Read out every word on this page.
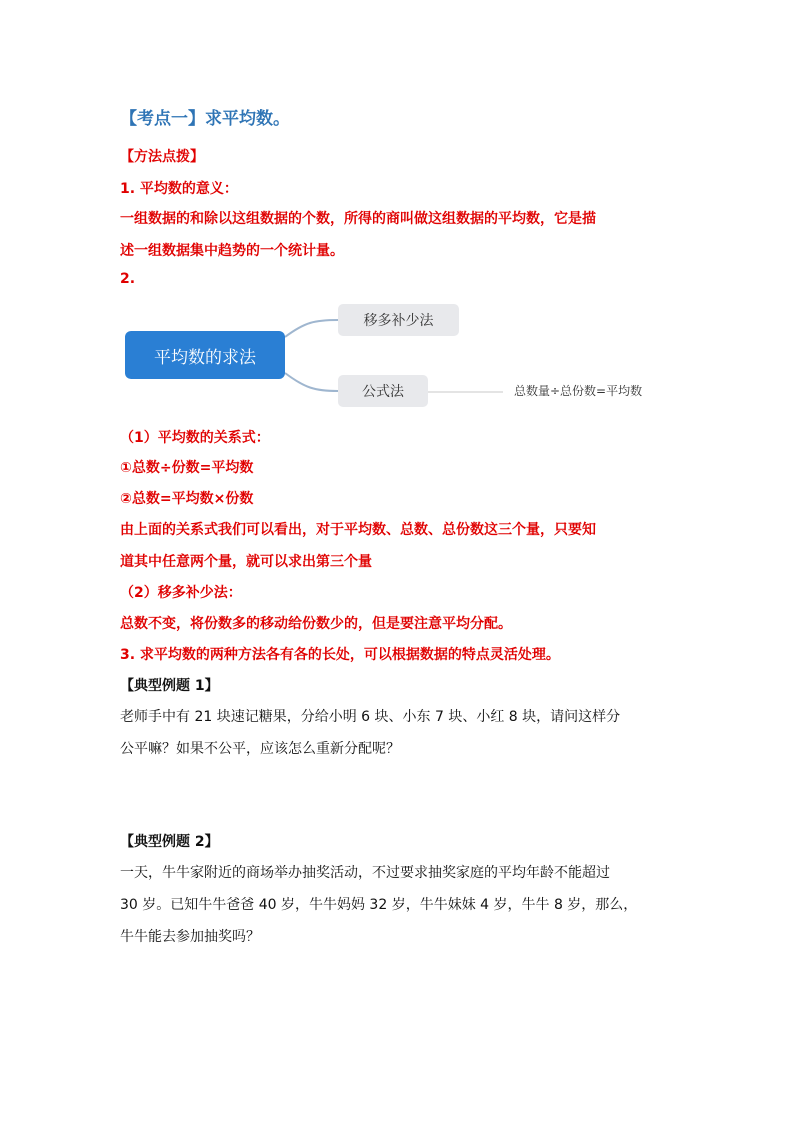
【考点一】求平均数。
【方法点拨】
1. 平均数的意义：
一组数据的和除以这组数据的个数，所得的商叫做这组数据的平均数，它是描
述一组数据集中趋势的一个统计量。
2.
平均数的求法
移多补少法
公式法	总数量÷总份数=平均数
（1）平均数的关系式：
①总数÷份数=平均数
②总数=平均数×份数
由上面的关系式我们可以看出，对于平均数、总数、总份数这三个量，只要知
道其中任意两个量，就可以求出第三个量
（2）移多补少法：
总数不变，将份数多的移动给份数少的，但是要注意平均分配。
3. 求平均数的两种方法各有各的长处，可以根据数据的特点灵活处理。
【典型例题 1】
老师手中有 21 块速记糖果，分给小明 6 块、小东 7 块、小红 8 块，请问这样分
公平嘛？如果不公平，应该怎么重新分配呢？
【典型例题 2】
一天，牛牛家附近的商场举办抽奖活动，不过要求抽奖家庭的平均年龄不能超过
30 岁。已知牛牛爸爸 40 岁，牛牛妈妈 32 岁，牛牛妹妹 4 岁，牛牛 8 岁，那么，
牛牛能去参加抽奖吗？
